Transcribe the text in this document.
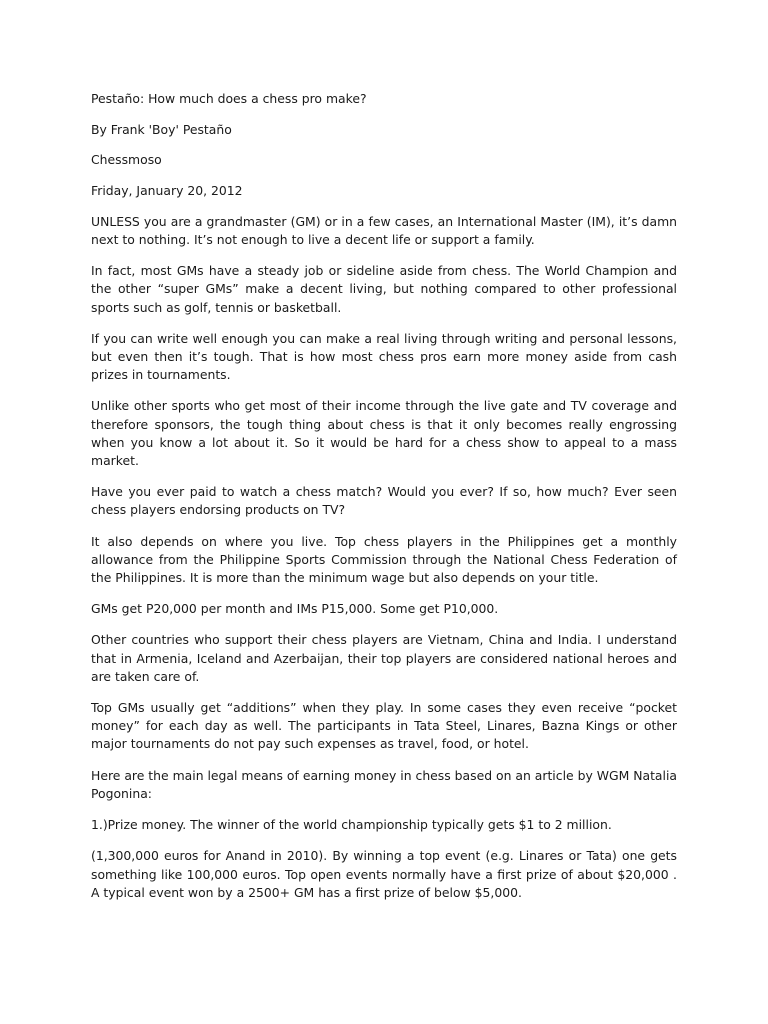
Pestaño: How much does a chess pro make?

By Frank 'Boy' Pestaño

Chessmoso

Friday, January 20, 2012

UNLESS you are a grandmaster (GM) or in a few cases, an International Master (IM), it’s damn next to nothing. It’s not enough to live a decent life or support a family.

In fact, most GMs have a steady job or sideline aside from chess. The World Champion and the other “super GMs” make a decent living, but nothing compared to other professional sports such as golf, tennis or basketball.

If you can write well enough you can make a real living through writing and personal lessons, but even then it’s tough. That is how most chess pros earn more money aside from cash prizes in tournaments.

Unlike other sports who get most of their income through the live gate and TV coverage and therefore sponsors, the tough thing about chess is that it only becomes really engrossing when you know a lot about it. So it would be hard for a chess show to appeal to a mass market.

Have you ever paid to watch a chess match? Would you ever? If so, how much? Ever seen chess players endorsing products on TV?

It also depends on where you live. Top chess players in the Philippines get a monthly allowance from the Philippine Sports Commission through the National Chess Federation of the Philippines. It is more than the minimum wage but also depends on your title.

GMs get P20,000 per month and IMs P15,000. Some get P10,000.

Other countries who support their chess players are Vietnam, China and India. I understand that in Armenia, Iceland and Azerbaijan, their top players are considered national heroes and are taken care of.

Top GMs usually get “additions” when they play. In some cases they even receive “pocket money” for each day as well. The participants in Tata Steel, Linares, Bazna Kings or other major tournaments do not pay such expenses as travel, food, or hotel.

Here are the main legal means of earning money in chess based on an article by WGM Natalia Pogonina:

1.)Prize money. The winner of the world championship typically gets $1 to 2 million.

(1,300,000 euros for Anand in 2010). By winning a top event (e.g. Linares or Tata) one gets something like 100,000 euros. Top open events normally have a first prize of about $20,000 . A typical event won by a 2500+ GM has a first prize of below $5,000.
